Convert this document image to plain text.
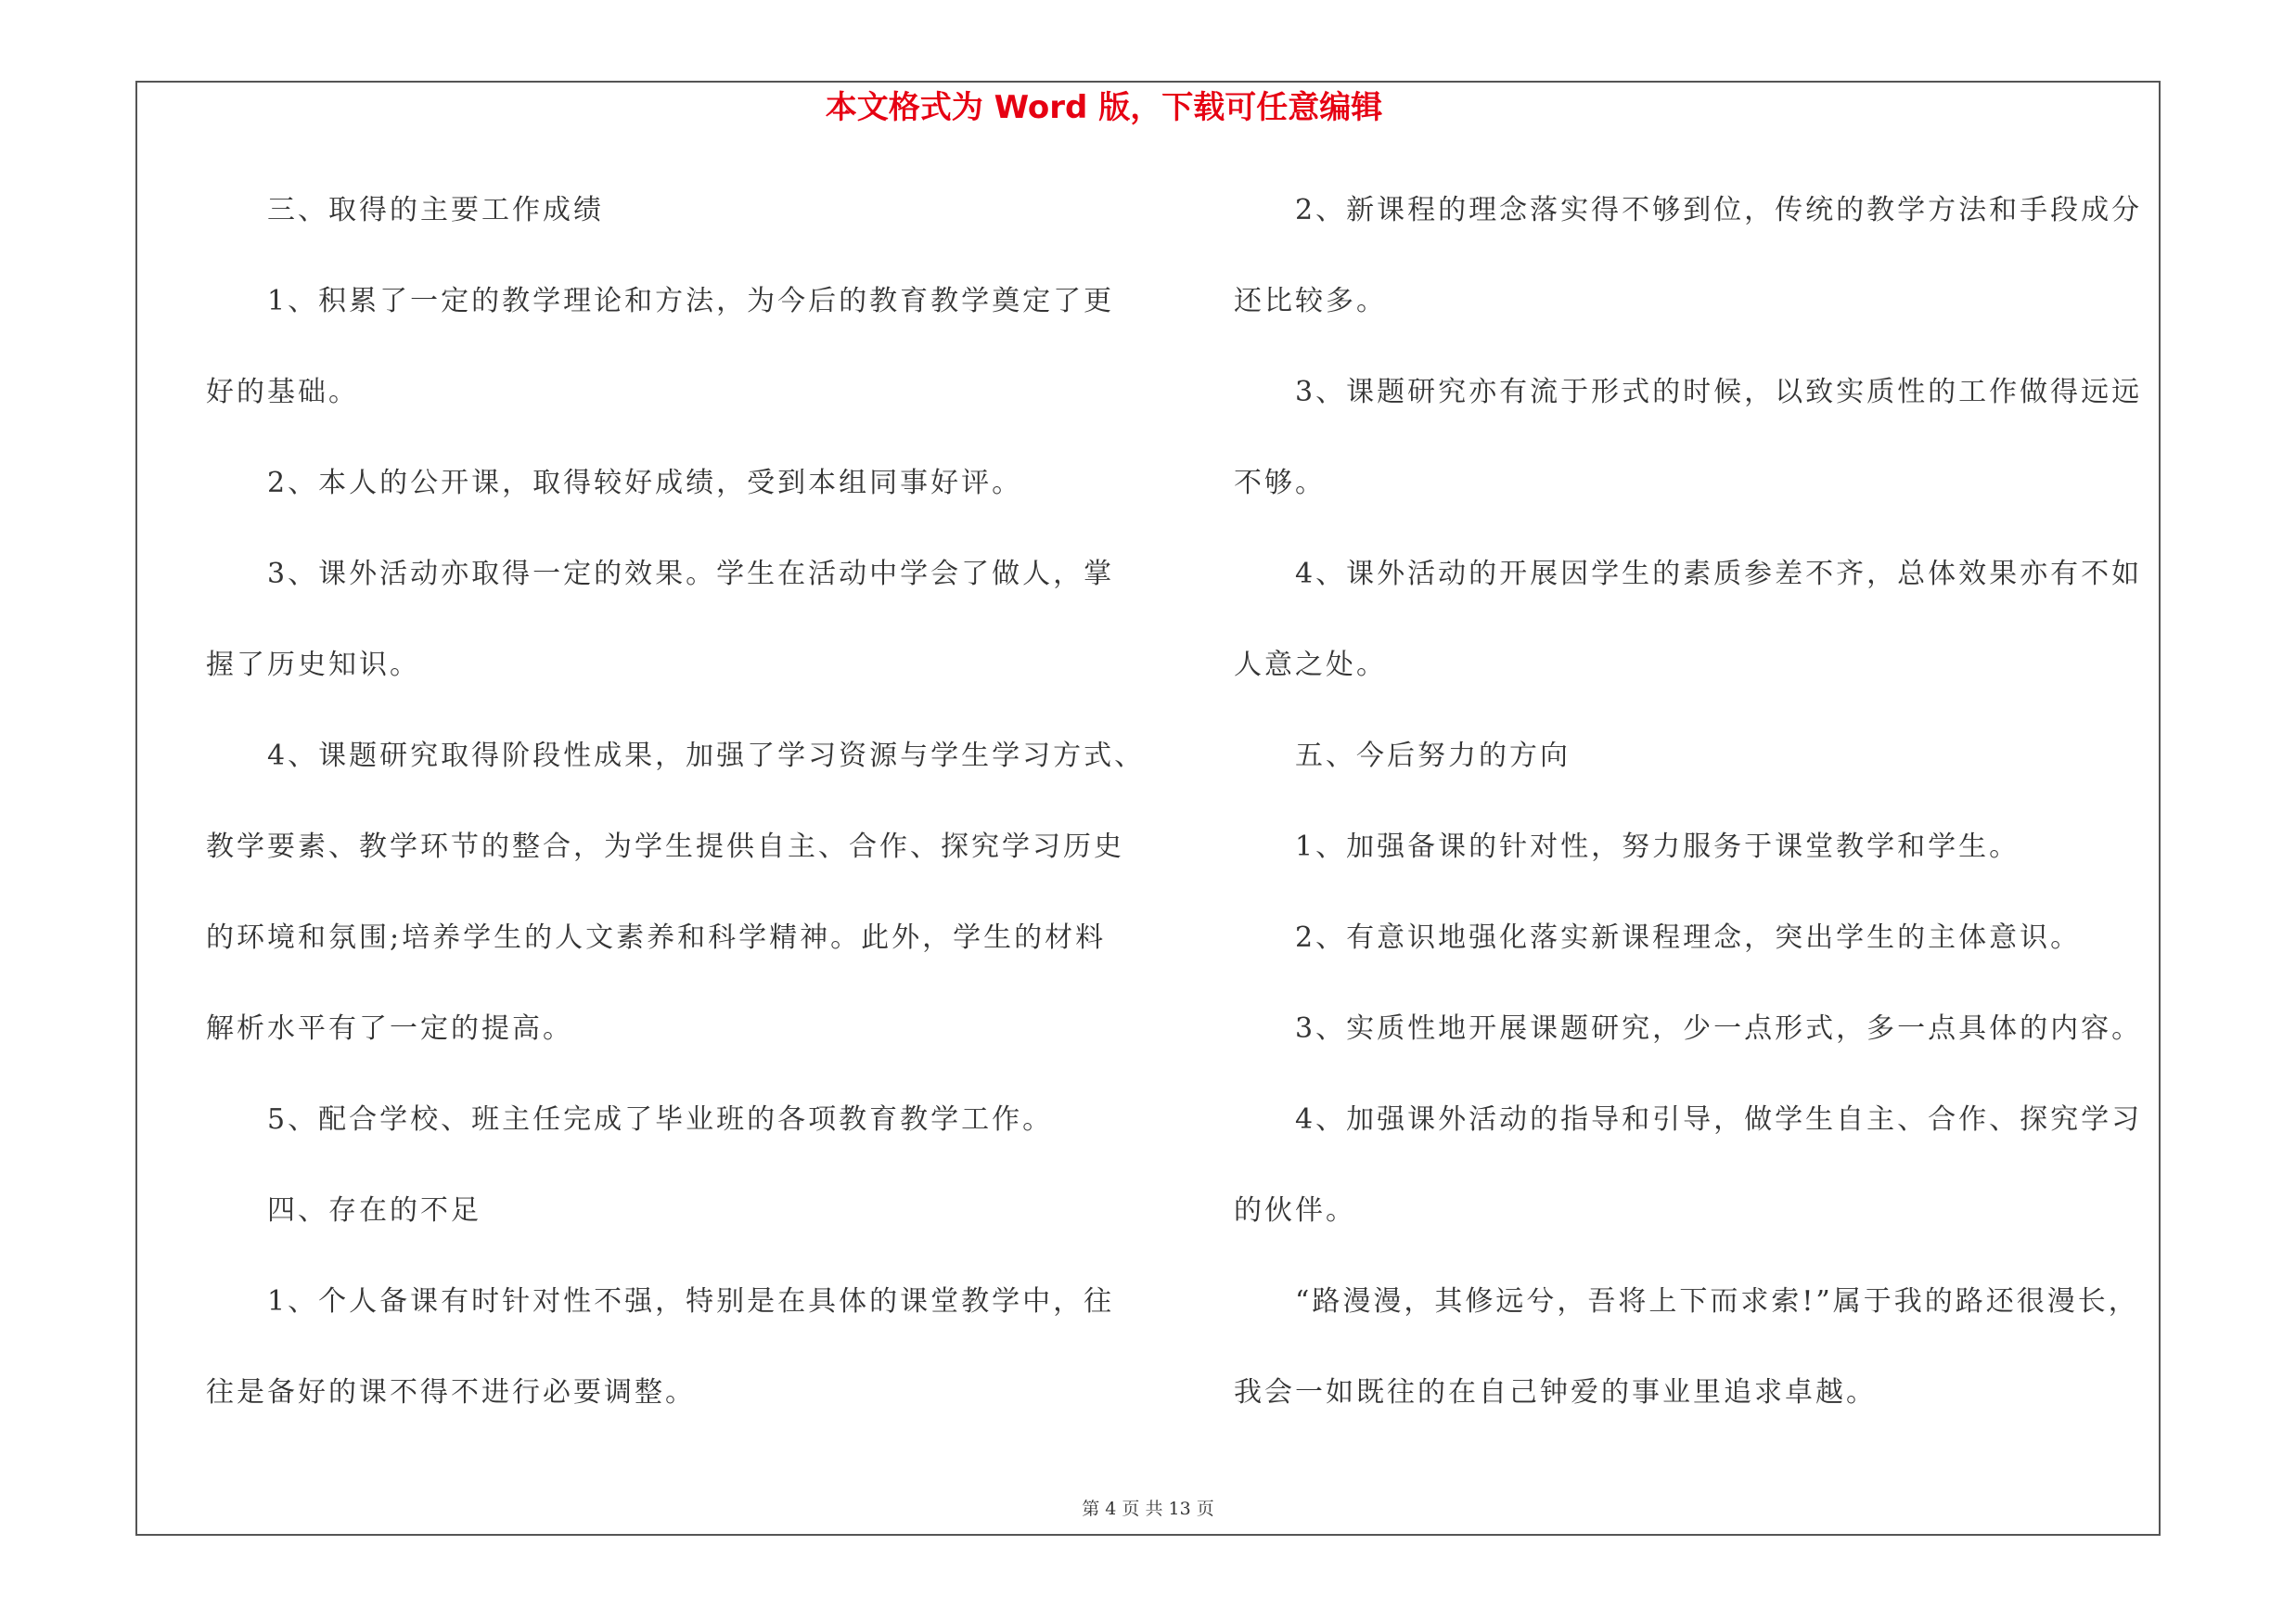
本文格式为 Word 版，下载可任意编辑
三、取得的主要工作成绩
1、积累了一定的教学理论和方法，为今后的教育教学奠定了更
好的基础。
2、本人的公开课，取得较好成绩，受到本组同事好评。
3、课外活动亦取得一定的效果。学生在活动中学会了做人，掌
握了历史知识。
4、课题研究取得阶段性成果，加强了学习资源与学生学习方式、
教学要素、教学环节的整合，为学生提供自主、合作、探究学习历史
的环境和氛围;培养学生的人文素养和科学精神。此外，学生的材料
解析水平有了一定的提高。
5、配合学校、班主任完成了毕业班的各项教育教学工作。
四、存在的不足
1、个人备课有时针对性不强，特别是在具体的课堂教学中，往
往是备好的课不得不进行必要调整。
2、新课程的理念落实得不够到位，传统的教学方法和手段成分
还比较多。
3、课题研究亦有流于形式的时候，以致实质性的工作做得远远
不够。
4、课外活动的开展因学生的素质参差不齐，总体效果亦有不如
人意之处。
五、今后努力的方向
1、加强备课的针对性，努力服务于课堂教学和学生。
2、有意识地强化落实新课程理念，突出学生的主体意识。
3、实质性地开展课题研究，少一点形式，多一点具体的内容。
4、加强课外活动的指导和引导，做学生自主、合作、探究学习
的伙伴。
“路漫漫，其修远兮，吾将上下而求索!”属于我的路还很漫长，
我会一如既往的在自己钟爱的事业里追求卓越。
第 4 页 共 13 页
